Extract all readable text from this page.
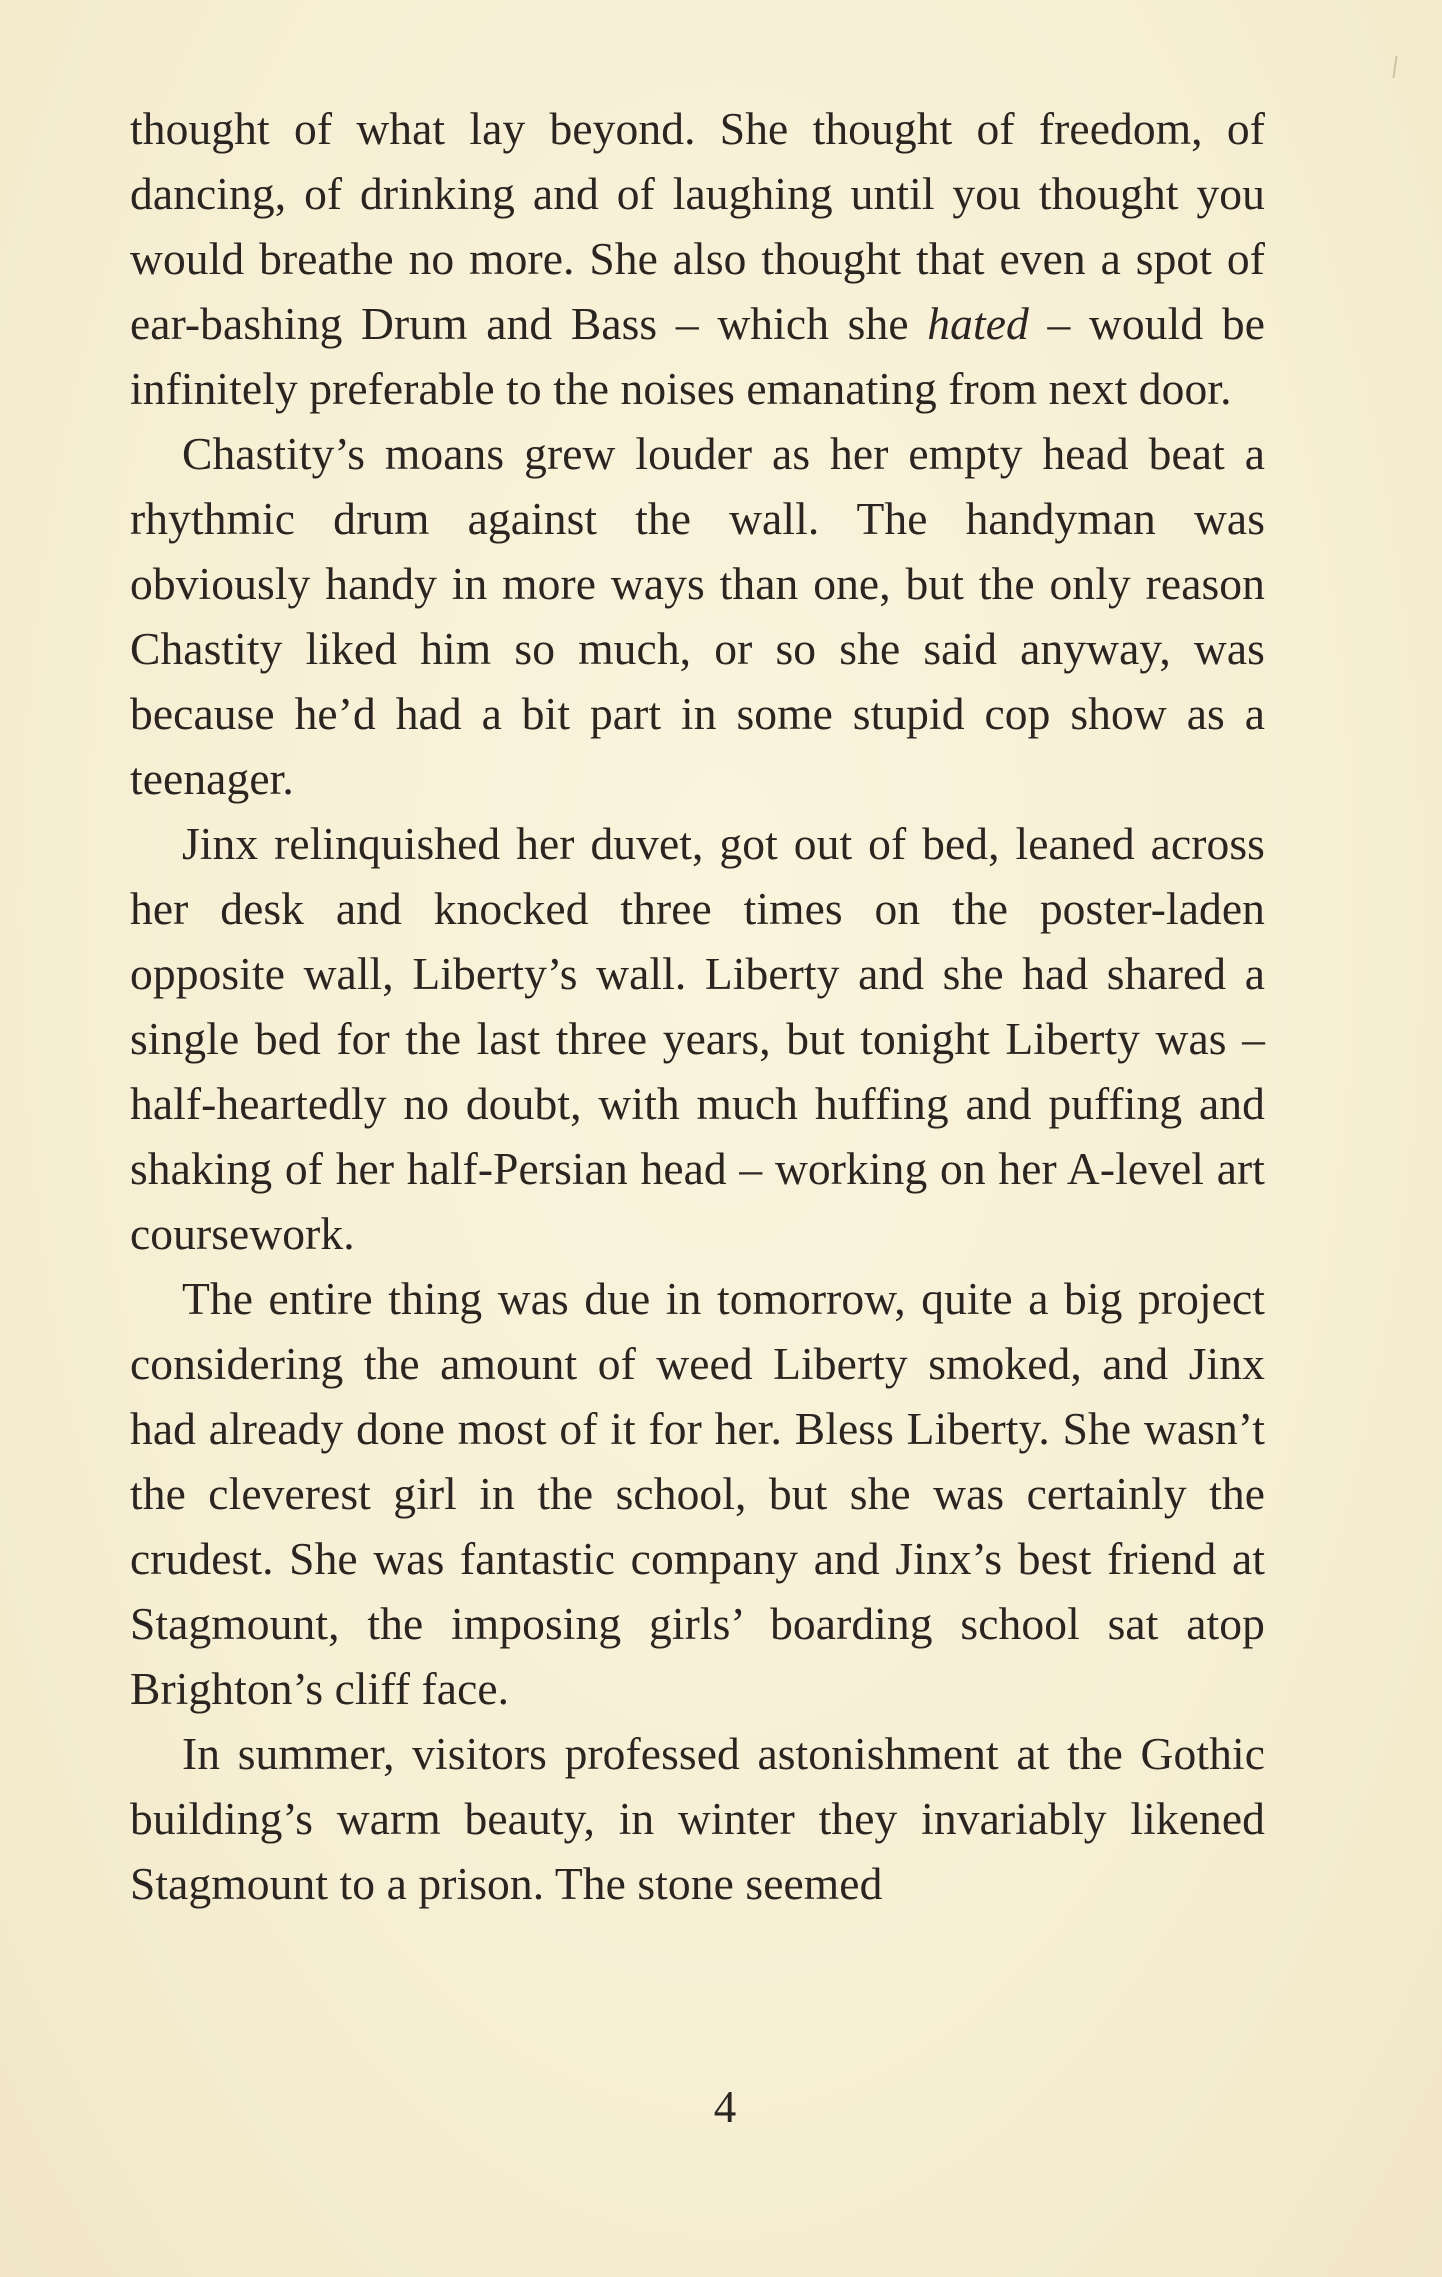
thought of what lay beyond. She thought of freedom, of dancing, of drinking and of laughing until you thought you would breathe no more. She also thought that even a spot of ear-bashing Drum and Bass – which she hated – would be infinitely preferable to the noises emanating from next door.

Chastity’s moans grew louder as her empty head beat a rhythmic drum against the wall. The handyman was obviously handy in more ways than one, but the only reason Chastity liked him so much, or so she said anyway, was because he’d had a bit part in some stupid cop show as a teenager.

Jinx relinquished her duvet, got out of bed, leaned across her desk and knocked three times on the poster-laden opposite wall, Liberty’s wall. Liberty and she had shared a single bed for the last three years, but tonight Liberty was – half-heartedly no doubt, with much huffing and puffing and shaking of her half-Persian head – working on her A-level art coursework.

The entire thing was due in tomorrow, quite a big project considering the amount of weed Liberty smoked, and Jinx had already done most of it for her. Bless Liberty. She wasn’t the cleverest girl in the school, but she was certainly the crudest. She was fantastic company and Jinx’s best friend at Stagmount, the imposing girls’ boarding school sat atop Brighton’s cliff face.

In summer, visitors professed astonishment at the Gothic building’s warm beauty, in winter they invariably likened Stagmount to a prison. The stone seemed

4
